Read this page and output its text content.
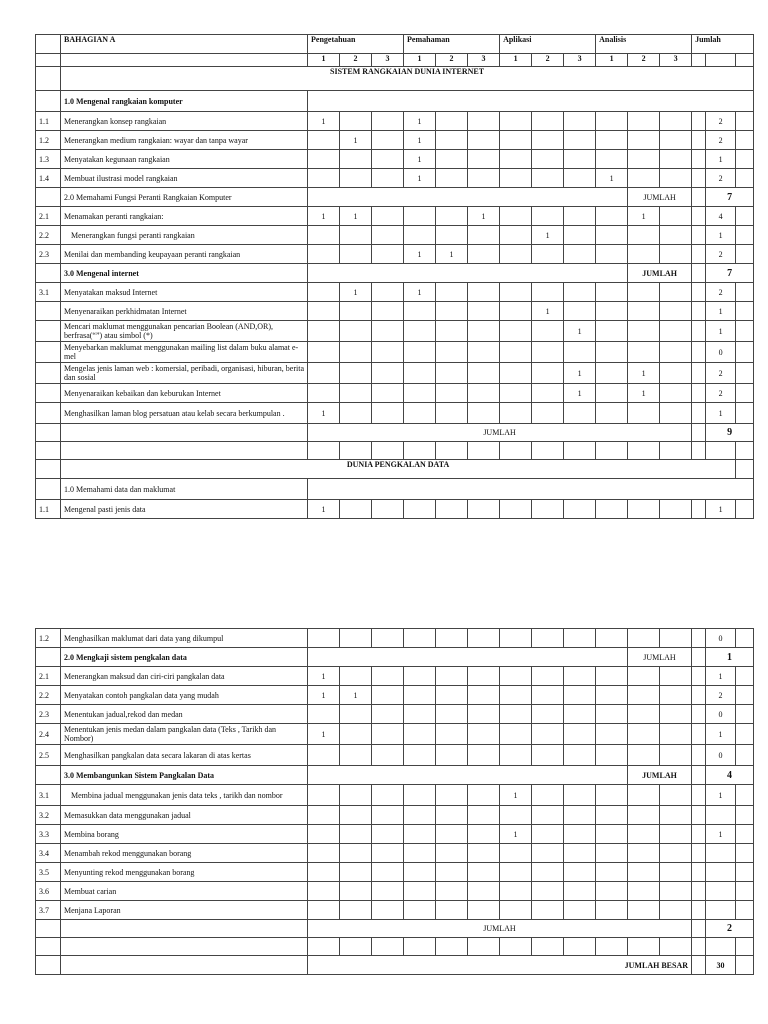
	BAHAGIAN A	Pengetahuan			Pemahaman			Aplikasi			Analisis			Jumlah			
		1	2	3	1	2	3	1	2	3	1	2	3				
	SISTEM RANGKAIAN DUNIA INTERNET																
	1.0 Mengenal rangkaian komputer																
1.1	Menerangkan konsep rangkaian	1			1										2		
1.2	Menerangkan medium rangkaian: wayar dan tanpa wayar		1		1										2		
1.3	Menyatakan kegunaan rangkaian				1										1		
1.4	Membuat ilustrasi model rangkaian				1						1				2		
	2.0 Memahami Fungsi Peranti Rangkaian Komputer											JUMLAH			7		
2.1	Menamakan peranti rangkaian:	1	1				1					1			4		
2.2	Menerangkan fungsi peranti rangkaian								1						1		
2.3	Menilai dan membanding keupayaan peranti rangkaian				1	1									2		
	3.0 Mengenal internet											JUMLAH			7		
3.1	Menyatakan maksud Internet		1		1										2		
	Menyenaraikan perkhidmatan Internet								1						1		
	Mencari maklumat menggunakan pencarian Boolean (AND,OR), berfrasa(“”) atau simbol (*)									1					1		
	Menyebarkan maklumat menggunakan mailing list dalam buku alamat e-mel														0		
	Mengelas jenis laman web : komersial, peribadi, organisasi, hiburan, berita dan sosial									1		1			2		
	Menyenaraikan kebaikan dan keburukan Internet									1		1			2		
	Menghasilkan laman blog persatuan atau kelab secara berkumpulan .	1													1		
		JUMLAH													9		

	DUNIA PENGKALAN DATA																
	1.0 Memahami data dan maklumat																
1.1	Mengenal pasti jenis data	1													1		
1.2	Menghasilkan maklumat dari data yang dikumpul														0		
	2.0 Mengkaji sistem pengkalan data											JUMLAH			1		
2.1	Menerangkan maksud dan ciri-ciri pangkalan data	1													1		
2.2	Menyatakan contoh pangkalan data yang mudah	1	1												2		
2.3	Menentukan jadual,rekod dan medan														0		
2.4	Menentukan jenis medan dalam pangkalan data (Teks , Tarikh dan Nombor)	1													1		
2.5	Menghasilkan pangkalan data secara lakaran di atas kertas														0		
	3.0 Membangunkan Sistem Pangkalan Data											JUMLAH			4		
3.1	Membina jadual menggunakan jenis data teks , tarikh dan nombor							1							1		
3.2	Memasukkan data menggunakan jadual																
3.3	Membina borang							1							1		
3.4	Menambah rekod menggunakan borang																
3.5	Menyunting rekod menggunakan borang																
3.6	Membuat carian																
3.7	Menjana Laporan																
		JUMLAH													2		

		JUMLAH BESAR													30		
